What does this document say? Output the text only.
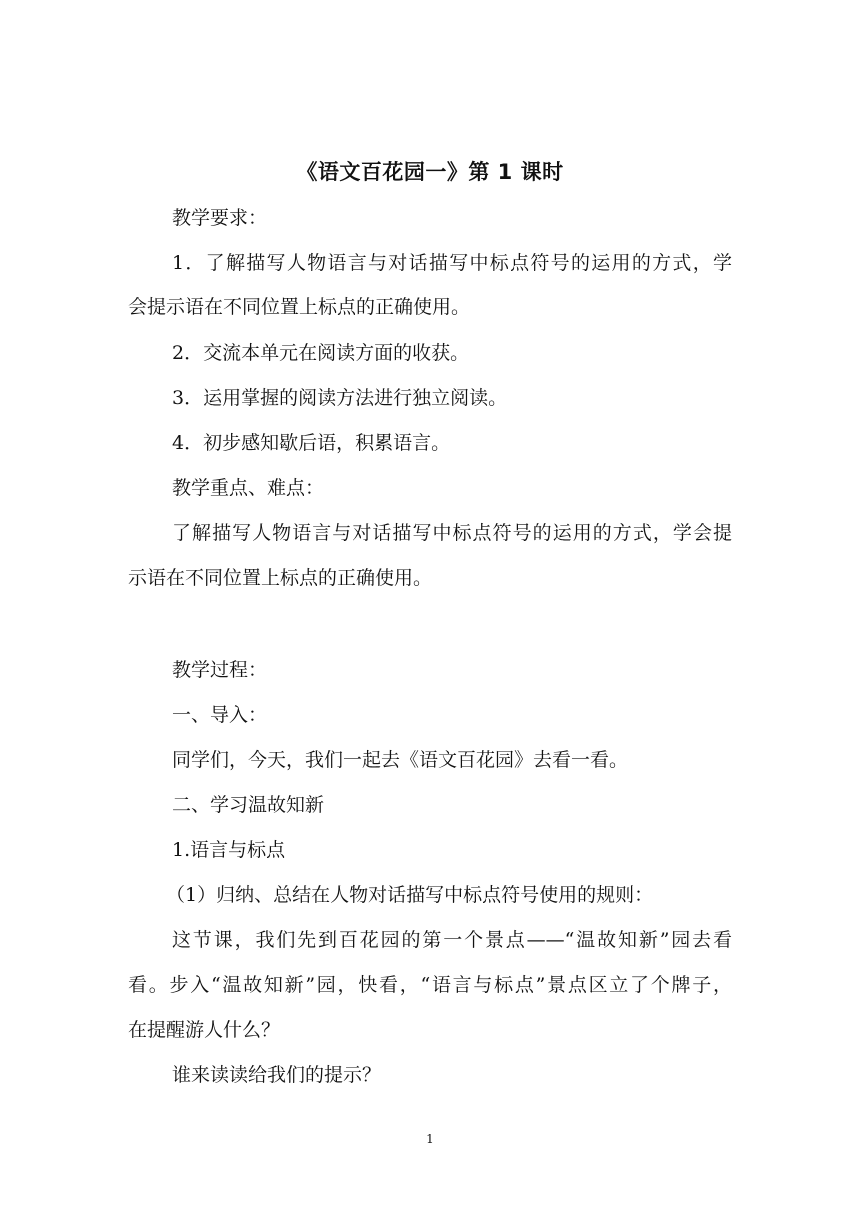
《语文百花园一》第 1 课时
教学要求：
1．了解描写人物语言与对话描写中标点符号的运用的方式，学
会提示语在不同位置上标点的正确使用。
2．交流本单元在阅读方面的收获。
3．运用掌握的阅读方法进行独立阅读。
4．初步感知歇后语，积累语言。
教学重点、难点：
了解描写人物语言与对话描写中标点符号的运用的方式，学会提
示语在不同位置上标点的正确使用。
教学过程：
一、导入：
同学们，今天，我们一起去《语文百花园》去看一看。
二、学习温故知新
1.语言与标点
（1）归纳、总结在人物对话描写中标点符号使用的规则：
这节课，我们先到百花园的第一个景点——“温故知新”园去看
看。步入“温故知新”园，快看，“语言与标点”景点区立了个牌子，
在提醒游人什么？
谁来读读给我们的提示？
1
